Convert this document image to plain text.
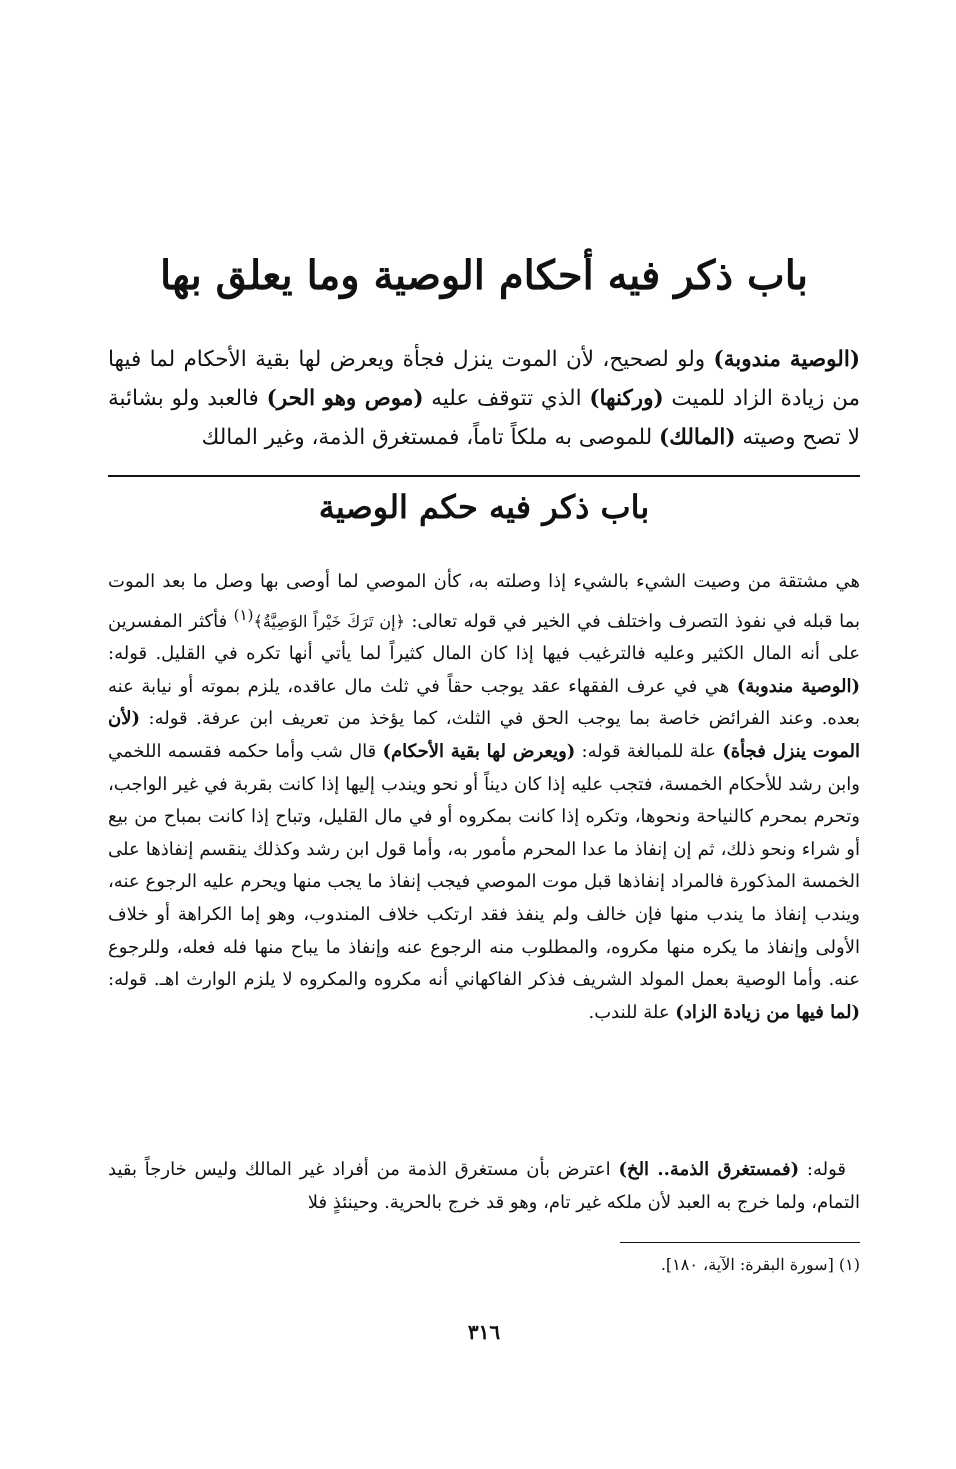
باب ذكر فيه أحكام الوصية وما يعلق بها

(الوصية مندوبة) ولو لصحيح، لأن الموت ينزل فجأة ويعرض لها بقية الأحكام لما فيها من زيادة الزاد للميت (وركنها) الذي تتوقف عليه (موص وهو الحر) فالعبد ولو بشائبة لا تصح وصيته (المالك) للموصى به ملكاً تاماً، فمستغرق الذمة، وغير المالك

باب ذكر فيه حكم الوصية

هي مشتقة من وصيت الشيء بالشيء إذا وصلته به، كأن الموصي لما أوصى بها وصل ما بعد الموت بما قبله في نفوذ التصرف واختلف في الخير في قوله تعالى: ﴿إن تَرَكَ خَيْراً الوَصِيَّةُ﴾$^{(١)}$ فأكثر المفسرين على أنه المال الكثير وعليه فالترغيب فيها إذا كان المال كثيراً لما يأتي أنها تكره في القليل. قوله: (الوصية مندوبة) هي في عرف الفقهاء عقد يوجب حقاً في ثلث مال عاقده، يلزم بموته أو نيابة عنه بعده. وعند الفرائض خاصة بما يوجب الحق في الثلث، كما يؤخذ من تعريف ابن عرفة. قوله: (لأن الموت ينزل فجأة) علة للمبالغة قوله: (ويعرض لها بقية الأحكام) قال شب وأما حكمه فقسمه اللخمي وابن رشد للأحكام الخمسة، فتجب عليه إذا كان ديناً أو نحو ويندب إليها إذا كانت بقربة في غير الواجب، وتحرم بمحرم كالنياحة ونحوها، وتكره إذا كانت بمكروه أو في مال القليل، وتباح إذا كانت بمباح من بيع أو شراء ونحو ذلك، ثم إن إنفاذ ما عدا المحرم مأمور به، وأما قول ابن رشد وكذلك ينقسم إنفاذها على الخمسة المذكورة فالمراد إنفاذها قبل موت الموصي فيجب إنفاذ ما يجب منها ويحرم عليه الرجوع عنه، ويندب إنفاذ ما يندب منها فإن خالف ولم ينفذ فقد ارتكب خلاف المندوب، وهو إما الكراهة أو خلاف الأولى وإنفاذ ما يكره منها مكروه، والمطلوب منه الرجوع عنه وإنفاذ ما يباح منها فله فعله، وللرجوع عنه. وأما الوصية بعمل المولد الشريف فذكر الفاكهاني أنه مكروه والمكروه لا يلزم الوارث اهـ. قوله: (لما فيها من زيادة الزاد) علة للندب.

قوله: (فمستغرق الذمة.. الخ) اعترض بأن مستغرق الذمة من أفراد غير المالك وليس خارجاً بقيد التمام، ولما خرج به العبد لأن ملكه غير تام، وهو قد خرج بالحرية. وحينئذٍ فلا

(١) [سورة البقرة: الآية، ١٨٠].

٣١٦
